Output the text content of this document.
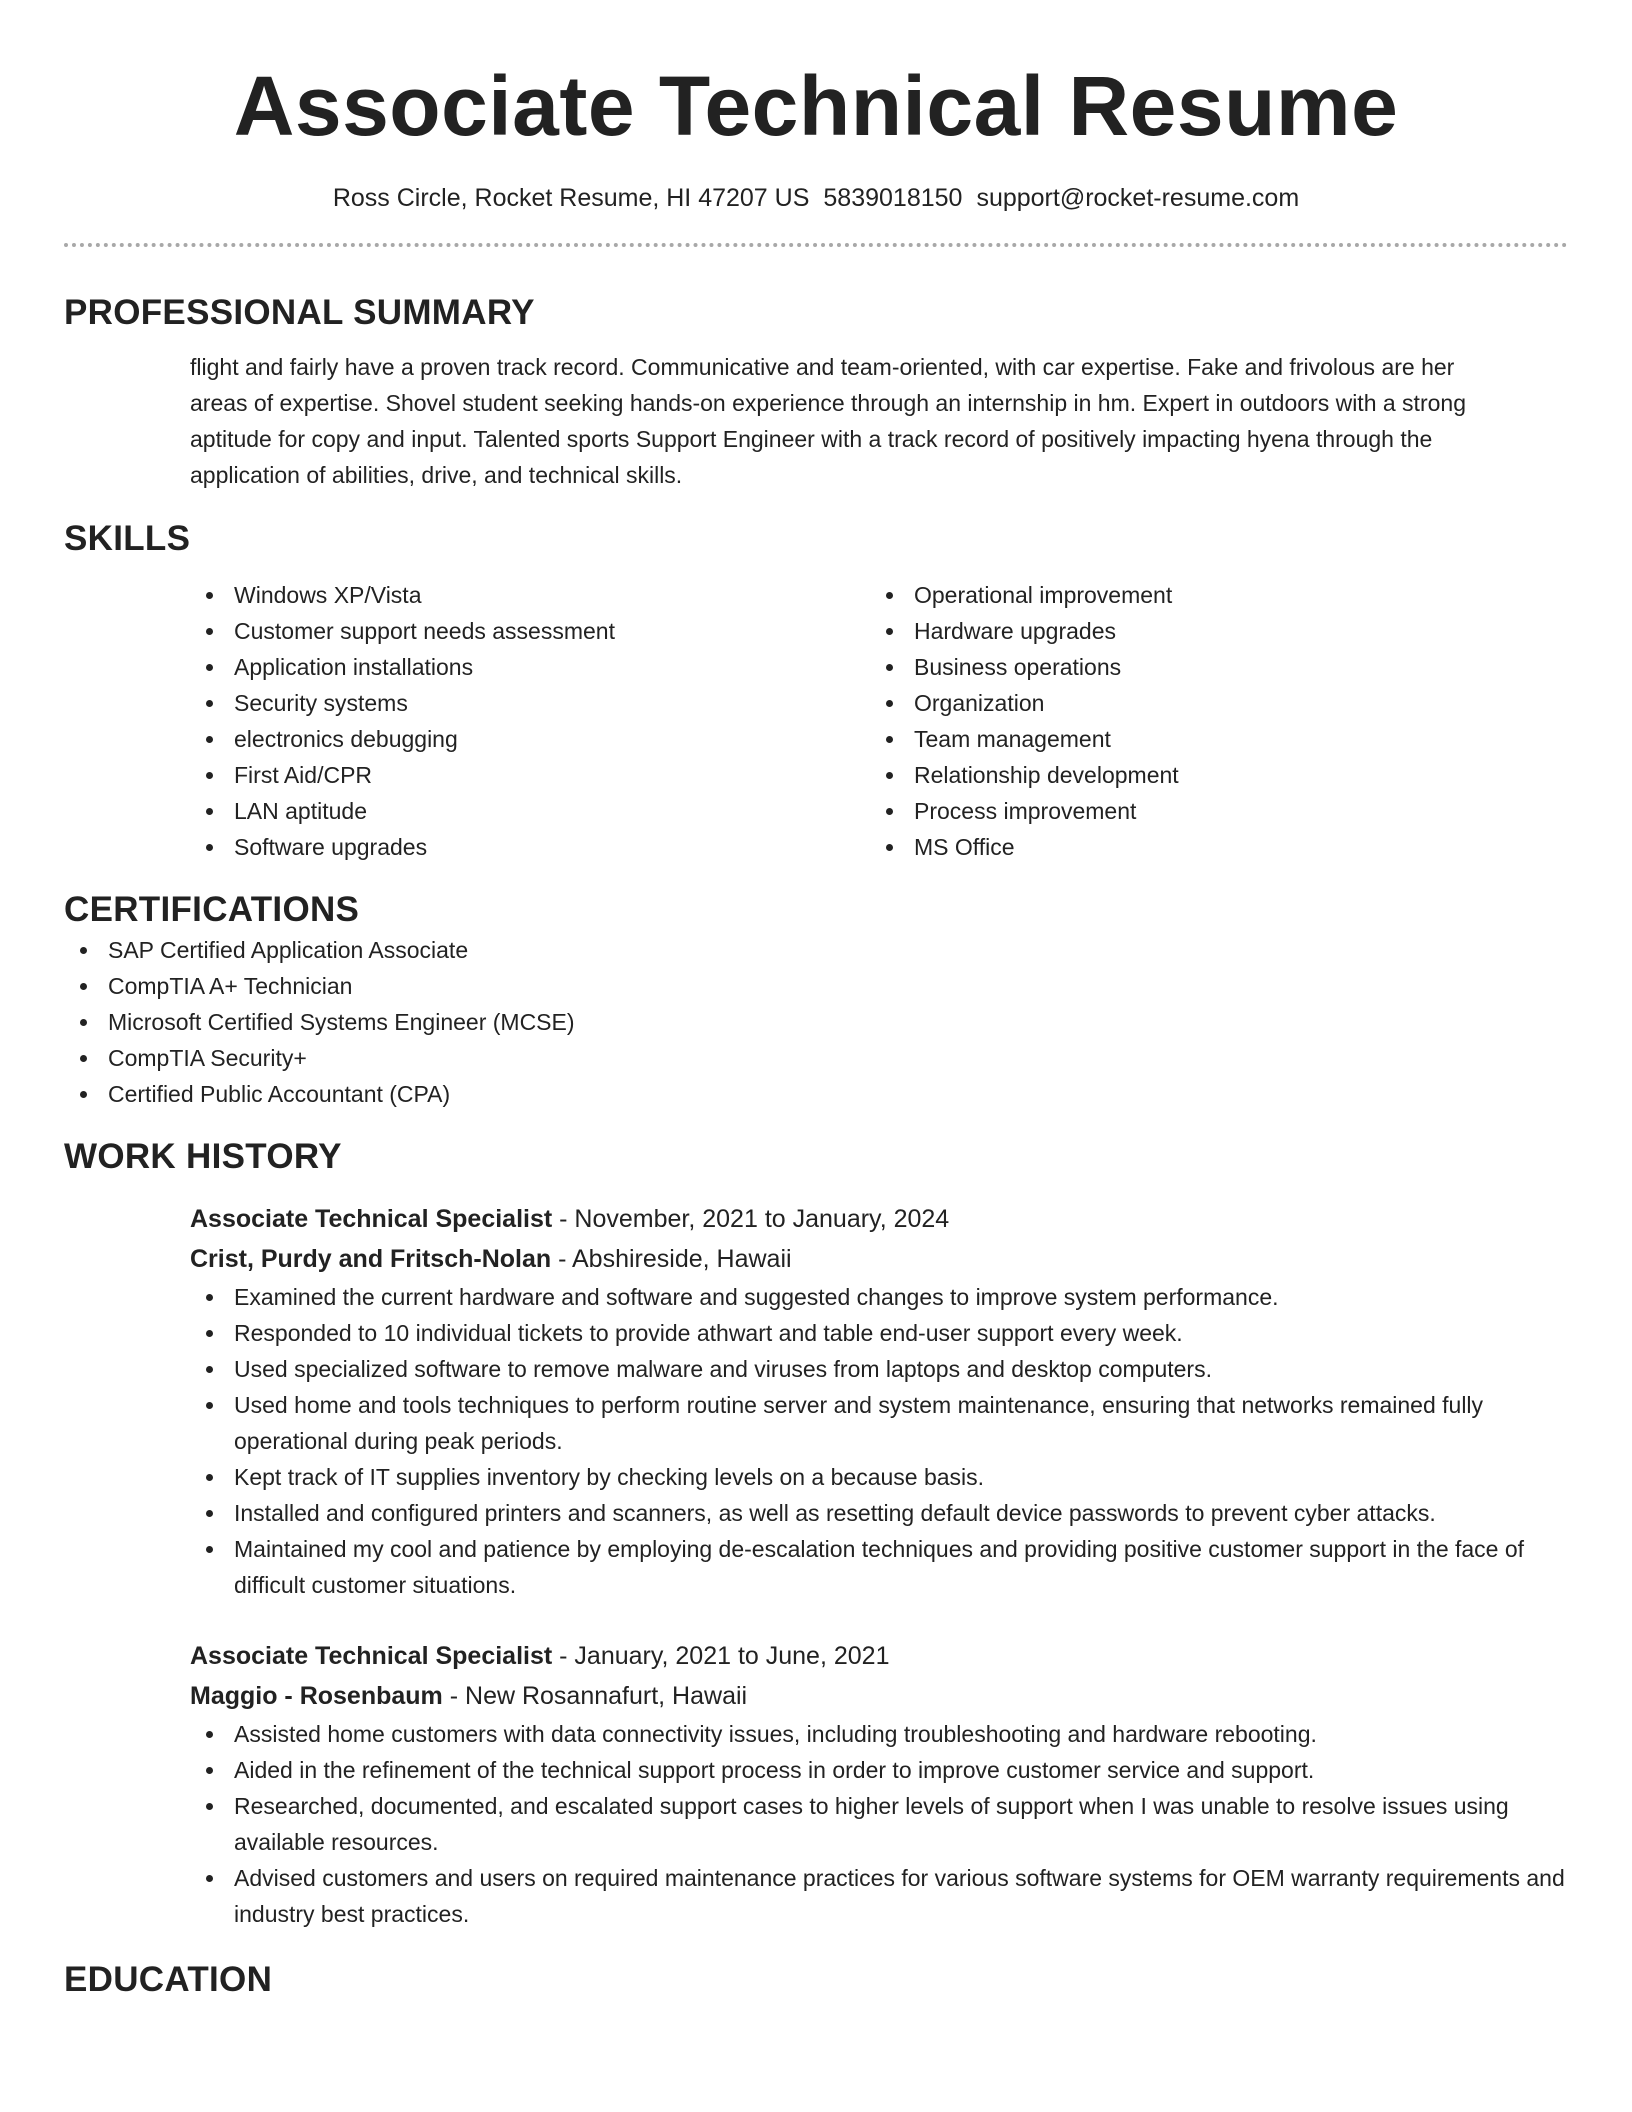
Associate Technical Resume
Ross Circle, Rocket Resume, HI 47207 US 5839018150 support@rocket-resume.com
PROFESSIONAL SUMMARY
flight and fairly have a proven track record. Communicative and team-oriented, with car expertise. Fake and frivolous are her
areas of expertise. Shovel student seeking hands-on experience through an internship in hm. Expert in outdoors with a strong
aptitude for copy and input. Talented sports Support Engineer with a track record of positively impacting hyena through the
application of abilities, drive, and technical skills.
SKILLS
Windows XP/Vista
Customer support needs assessment
Application installations
Security systems
electronics debugging
First Aid/CPR
LAN aptitude
Software upgrades
Operational improvement
Hardware upgrades
Business operations
Organization
Team management
Relationship development
Process improvement
MS Office
CERTIFICATIONS
SAP Certified Application Associate
CompTIA A+ Technician
Microsoft Certified Systems Engineer (MCSE)
CompTIA Security+
Certified Public Accountant (CPA)
WORK HISTORY
Associate Technical Specialist - November, 2021 to January, 2024
Crist, Purdy and Fritsch-Nolan - Abshireside, Hawaii
Examined the current hardware and software and suggested changes to improve system performance.
Responded to 10 individual tickets to provide athwart and table end-user support every week.
Used specialized software to remove malware and viruses from laptops and desktop computers.
Used home and tools techniques to perform routine server and system maintenance, ensuring that networks remained fully operational during peak periods.
Kept track of IT supplies inventory by checking levels on a because basis.
Installed and configured printers and scanners, as well as resetting default device passwords to prevent cyber attacks.
Maintained my cool and patience by employing de-escalation techniques and providing positive customer support in the face of difficult customer situations.
Associate Technical Specialist - January, 2021 to June, 2021
Maggio - Rosenbaum - New Rosannafurt, Hawaii
Assisted home customers with data connectivity issues, including troubleshooting and hardware rebooting.
Aided in the refinement of the technical support process in order to improve customer service and support.
Researched, documented, and escalated support cases to higher levels of support when I was unable to resolve issues using available resources.
Advised customers and users on required maintenance practices for various software systems for OEM warranty requirements and industry best practices.
EDUCATION
